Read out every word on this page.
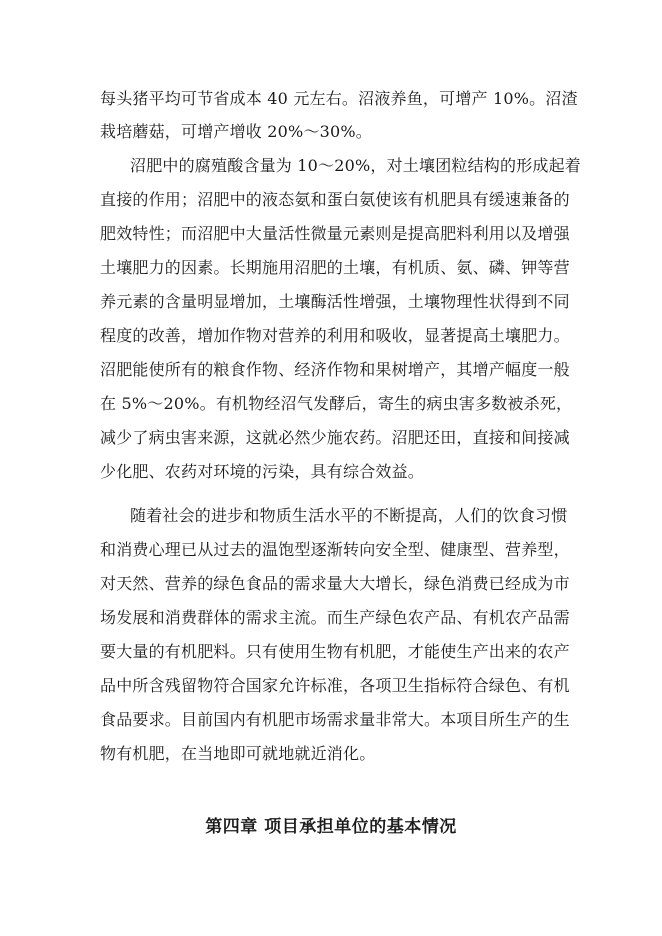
每头猪平均可节省成本 40 元左右。沼液养鱼，可增产 10%。沼渣
栽培蘑菇，可增产增收 20%～30%。
沼肥中的腐殖酸含量为 10～20%，对土壤团粒结构的形成起着
直接的作用；沼肥中的液态氨和蛋白氨使该有机肥具有缓速兼备的
肥效特性；而沼肥中大量活性微量元素则是提高肥料利用以及增强
土壤肥力的因素。长期施用沼肥的土壤，有机质、氨、磷、钾等营
养元素的含量明显增加，土壤酶活性增强，土壤物理性状得到不同
程度的改善，增加作物对营养的利用和吸收，显著提高土壤肥力。
沼肥能使所有的粮食作物、经济作物和果树增产，其增产幅度一般
在 5%～20%。有机物经沼气发酵后，寄生的病虫害多数被杀死，
减少了病虫害来源，这就必然少施农药。沼肥还田，直接和间接减
少化肥、农药对环境的污染，具有综合效益。
随着社会的进步和物质生活水平的不断提高，人们的饮食习惯
和消费心理已从过去的温饱型逐渐转向安全型、健康型、营养型，
对天然、营养的绿色食品的需求量大大增长，绿色消费已经成为市
场发展和消费群体的需求主流。而生产绿色农产品、有机农产品需
要大量的有机肥料。只有使用生物有机肥，才能使生产出来的农产
品中所含残留物符合国家允许标准，各项卫生指标符合绿色、有机
食品要求。目前国内有机肥市场需求量非常大。本项目所生产的生
物有机肥，在当地即可就地就近消化。
第四章 项目承担单位的基本情况
